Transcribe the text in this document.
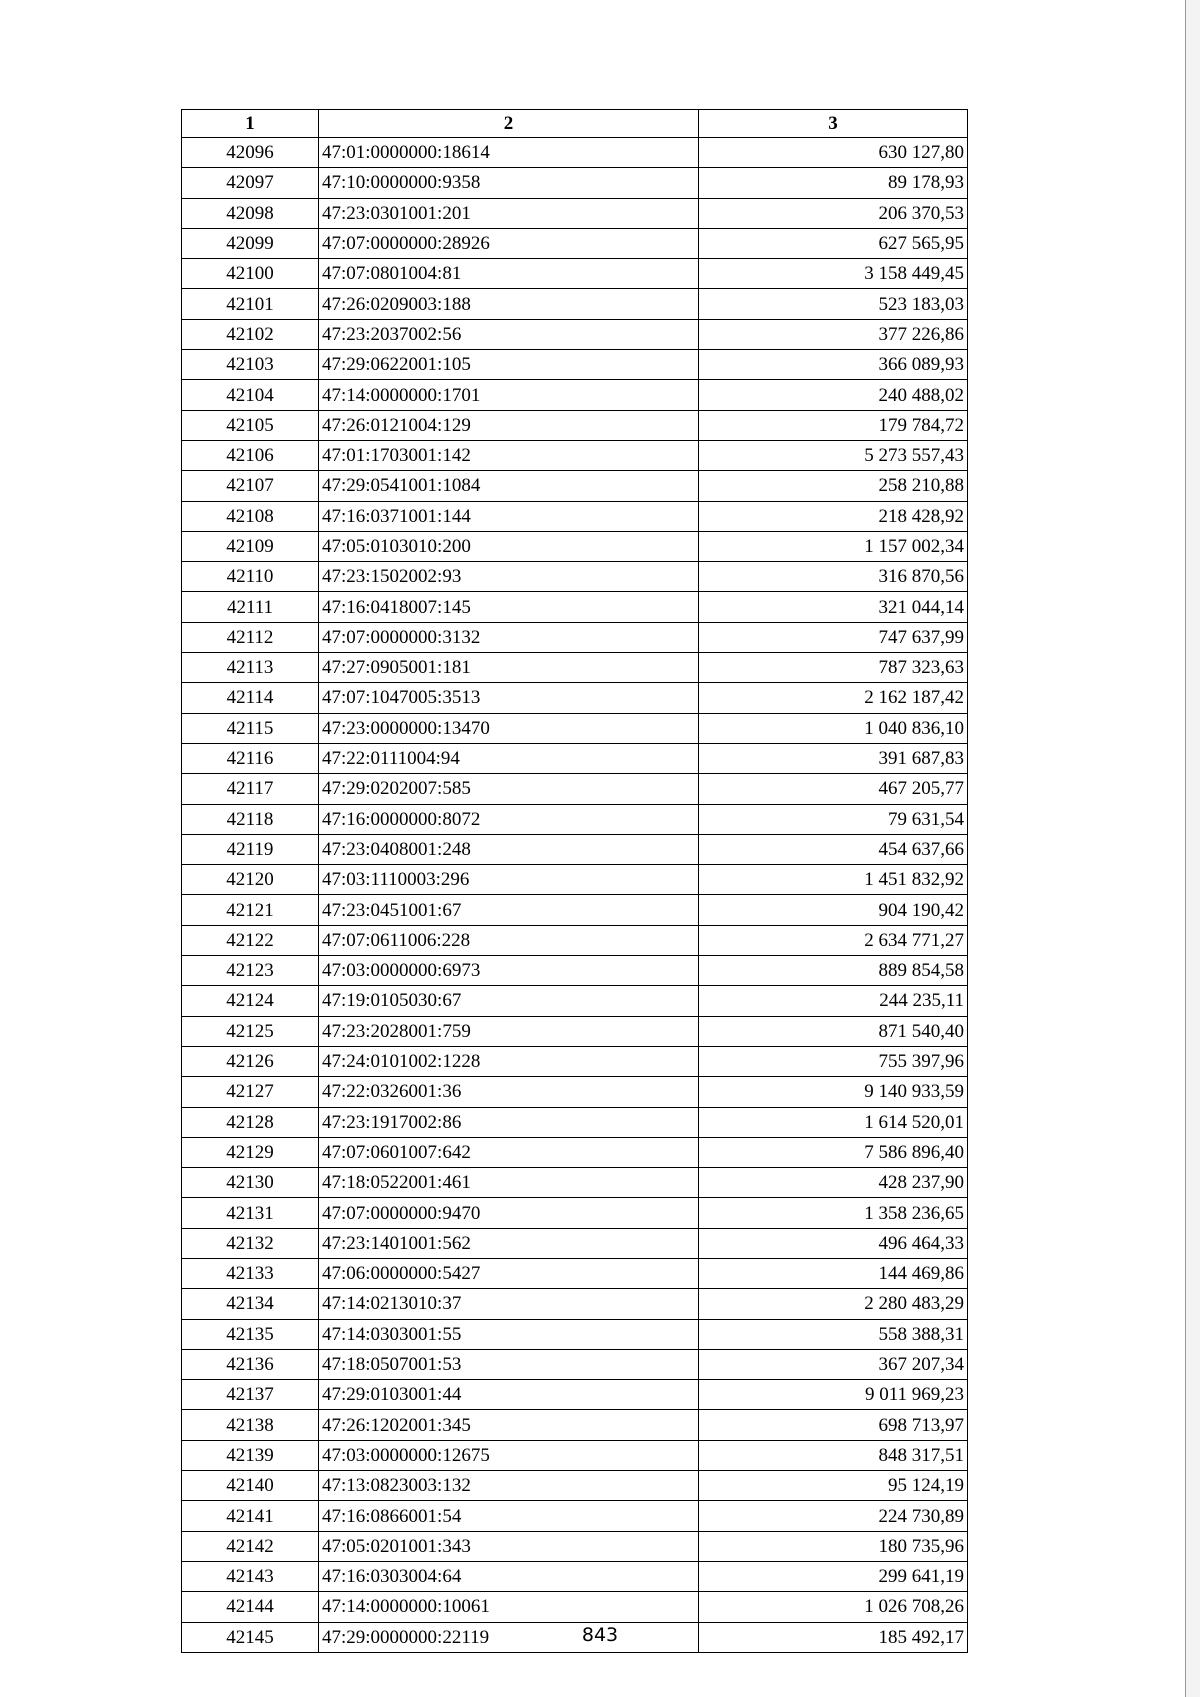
1	2	3
42096	47:01:0000000:18614	630 127,80
42097	47:10:0000000:9358	89 178,93
42098	47:23:0301001:201	206 370,53
42099	47:07:0000000:28926	627 565,95
42100	47:07:0801004:81	3 158 449,45
42101	47:26:0209003:188	523 183,03
42102	47:23:2037002:56	377 226,86
42103	47:29:0622001:105	366 089,93
42104	47:14:0000000:1701	240 488,02
42105	47:26:0121004:129	179 784,72
42106	47:01:1703001:142	5 273 557,43
42107	47:29:0541001:1084	258 210,88
42108	47:16:0371001:144	218 428,92
42109	47:05:0103010:200	1 157 002,34
42110	47:23:1502002:93	316 870,56
42111	47:16:0418007:145	321 044,14
42112	47:07:0000000:3132	747 637,99
42113	47:27:0905001:181	787 323,63
42114	47:07:1047005:3513	2 162 187,42
42115	47:23:0000000:13470	1 040 836,10
42116	47:22:0111004:94	391 687,83
42117	47:29:0202007:585	467 205,77
42118	47:16:0000000:8072	79 631,54
42119	47:23:0408001:248	454 637,66
42120	47:03:1110003:296	1 451 832,92
42121	47:23:0451001:67	904 190,42
42122	47:07:0611006:228	2 634 771,27
42123	47:03:0000000:6973	889 854,58
42124	47:19:0105030:67	244 235,11
42125	47:23:2028001:759	871 540,40
42126	47:24:0101002:1228	755 397,96
42127	47:22:0326001:36	9 140 933,59
42128	47:23:1917002:86	1 614 520,01
42129	47:07:0601007:642	7 586 896,40
42130	47:18:0522001:461	428 237,90
42131	47:07:0000000:9470	1 358 236,65
42132	47:23:1401001:562	496 464,33
42133	47:06:0000000:5427	144 469,86
42134	47:14:0213010:37	2 280 483,29
42135	47:14:0303001:55	558 388,31
42136	47:18:0507001:53	367 207,34
42137	47:29:0103001:44	9 011 969,23
42138	47:26:1202001:345	698 713,97
42139	47:03:0000000:12675	848 317,51
42140	47:13:0823003:132	95 124,19
42141	47:16:0866001:54	224 730,89
42142	47:05:0201001:343	180 735,96
42143	47:16:0303004:64	299 641,19
42144	47:14:0000000:10061	1 026 708,26
42145	47:29:0000000:22119	185 492,17
843
